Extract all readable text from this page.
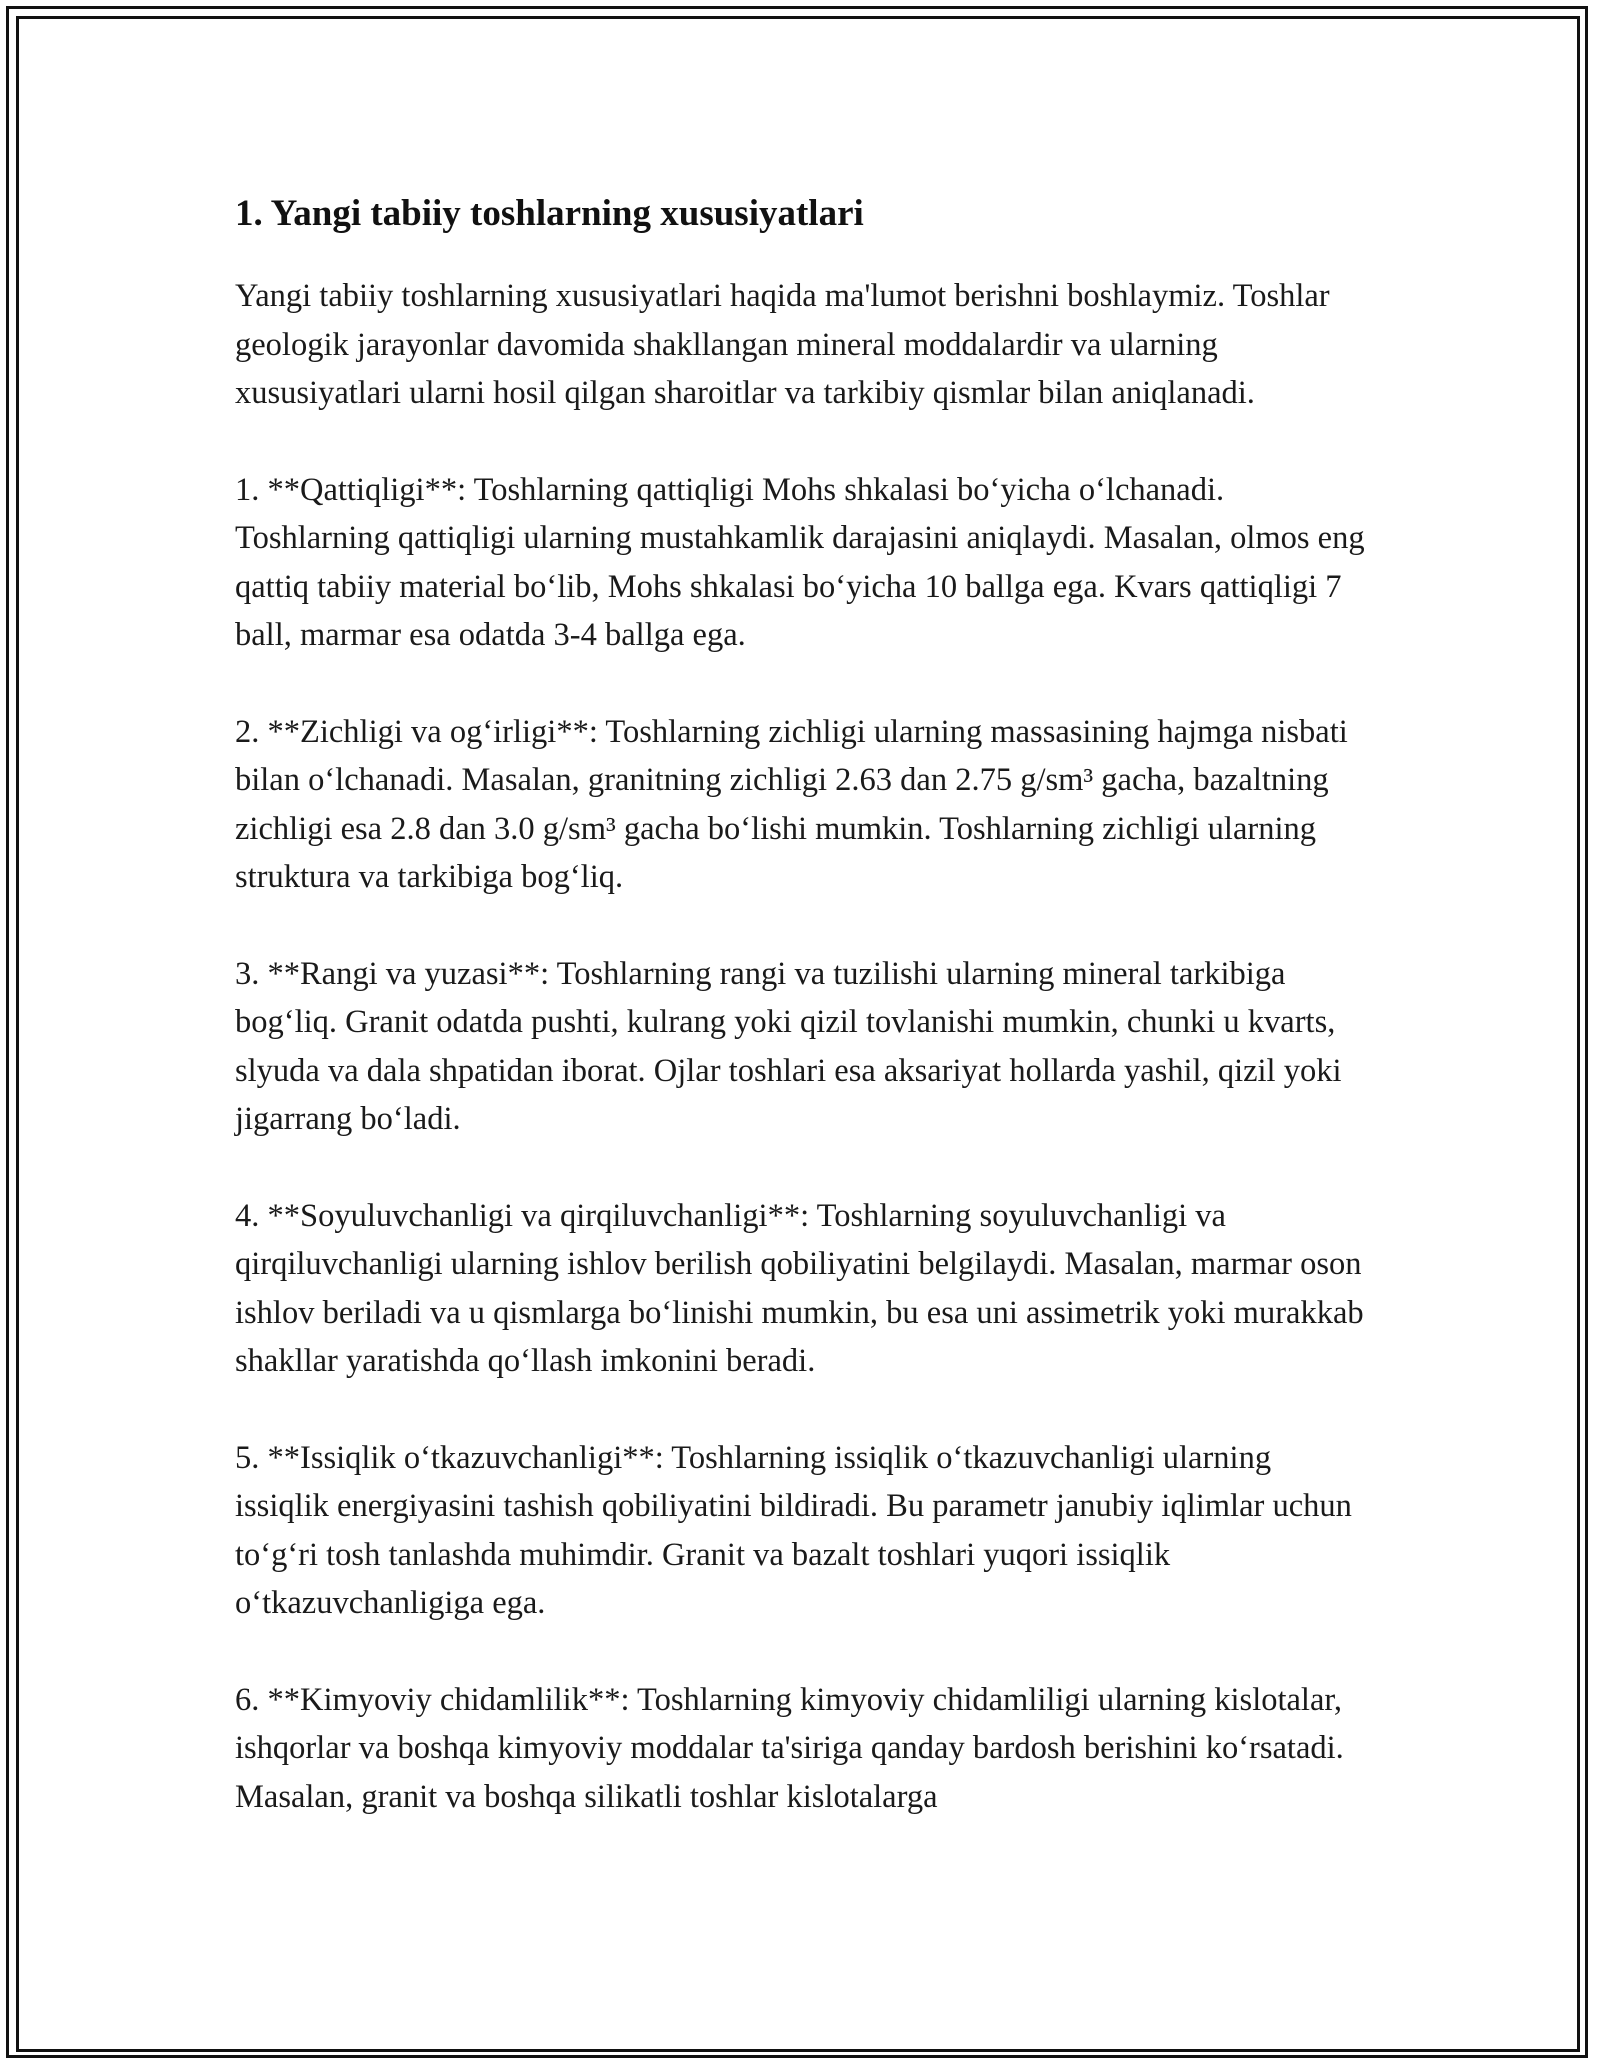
1. Yangi tabiiy toshlarning xususiyatlari

Yangi tabiiy toshlarning xususiyatlari haqida ma'lumot berishni boshlaymiz. Toshlar geologik jarayonlar davomida shakllangan mineral moddalardir va ularning xususiyatlari ularni hosil qilgan sharoitlar va tarkibiy qismlar bilan aniqlanadi.

1. **Qattiqligi**: Toshlarning qattiqligi Mohs shkalasi bo‘yicha o‘lchanadi. Toshlarning qattiqligi ularning mustahkamlik darajasini aniqlaydi. Masalan, olmos eng qattiq tabiiy material bo‘lib, Mohs shkalasi bo‘yicha 10 ballga ega. Kvars qattiqligi 7 ball, marmar esa odatda 3-4 ballga ega.

2. **Zichligi va og‘irligi**: Toshlarning zichligi ularning massasining hajmga nisbati bilan o‘lchanadi. Masalan, granitning zichligi 2.63 dan 2.75 g/sm³ gacha, bazaltning zichligi esa 2.8 dan 3.0 g/sm³ gacha bo‘lishi mumkin. Toshlarning zichligi ularning struktura va tarkibiga bog‘liq.

3. **Rangi va yuzasi**: Toshlarning rangi va tuzilishi ularning mineral tarkibiga bog‘liq. Granit odatda pushti, kulrang yoki qizil tovlanishi mumkin, chunki u kvarts, slyuda va dala shpatidan iborat. Ojlar toshlari esa aksariyat hollarda yashil, qizil yoki jigarrang bo‘ladi.

4. **Soyuluvchanligi va qirqiluvchanligi**: Toshlarning soyuluvchanligi va qirqiluvchanligi ularning ishlov berilish qobiliyatini belgilaydi. Masalan, marmar oson ishlov beriladi va u qismlarga bo‘linishi mumkin, bu esa uni assimetrik yoki murakkab shakllar yaratishda qo‘llash imkonini beradi.

5. **Issiqlik o‘tkazuvchanligi**: Toshlarning issiqlik o‘tkazuvchanligi ularning issiqlik energiyasini tashish qobiliyatini bildiradi. Bu parametr janubiy iqlimlar uchun to‘g‘ri tosh tanlashda muhimdir. Granit va bazalt toshlari yuqori issiqlik o‘tkazuvchanligiga ega.

6. **Kimyoviy chidamlilik**: Toshlarning kimyoviy chidamliligi ularning kislotalar, ishqorlar va boshqa kimyoviy moddalar ta'siriga qanday bardosh berishini ko‘rsatadi. Masalan, granit va boshqa silikatli toshlar kislotalarga
